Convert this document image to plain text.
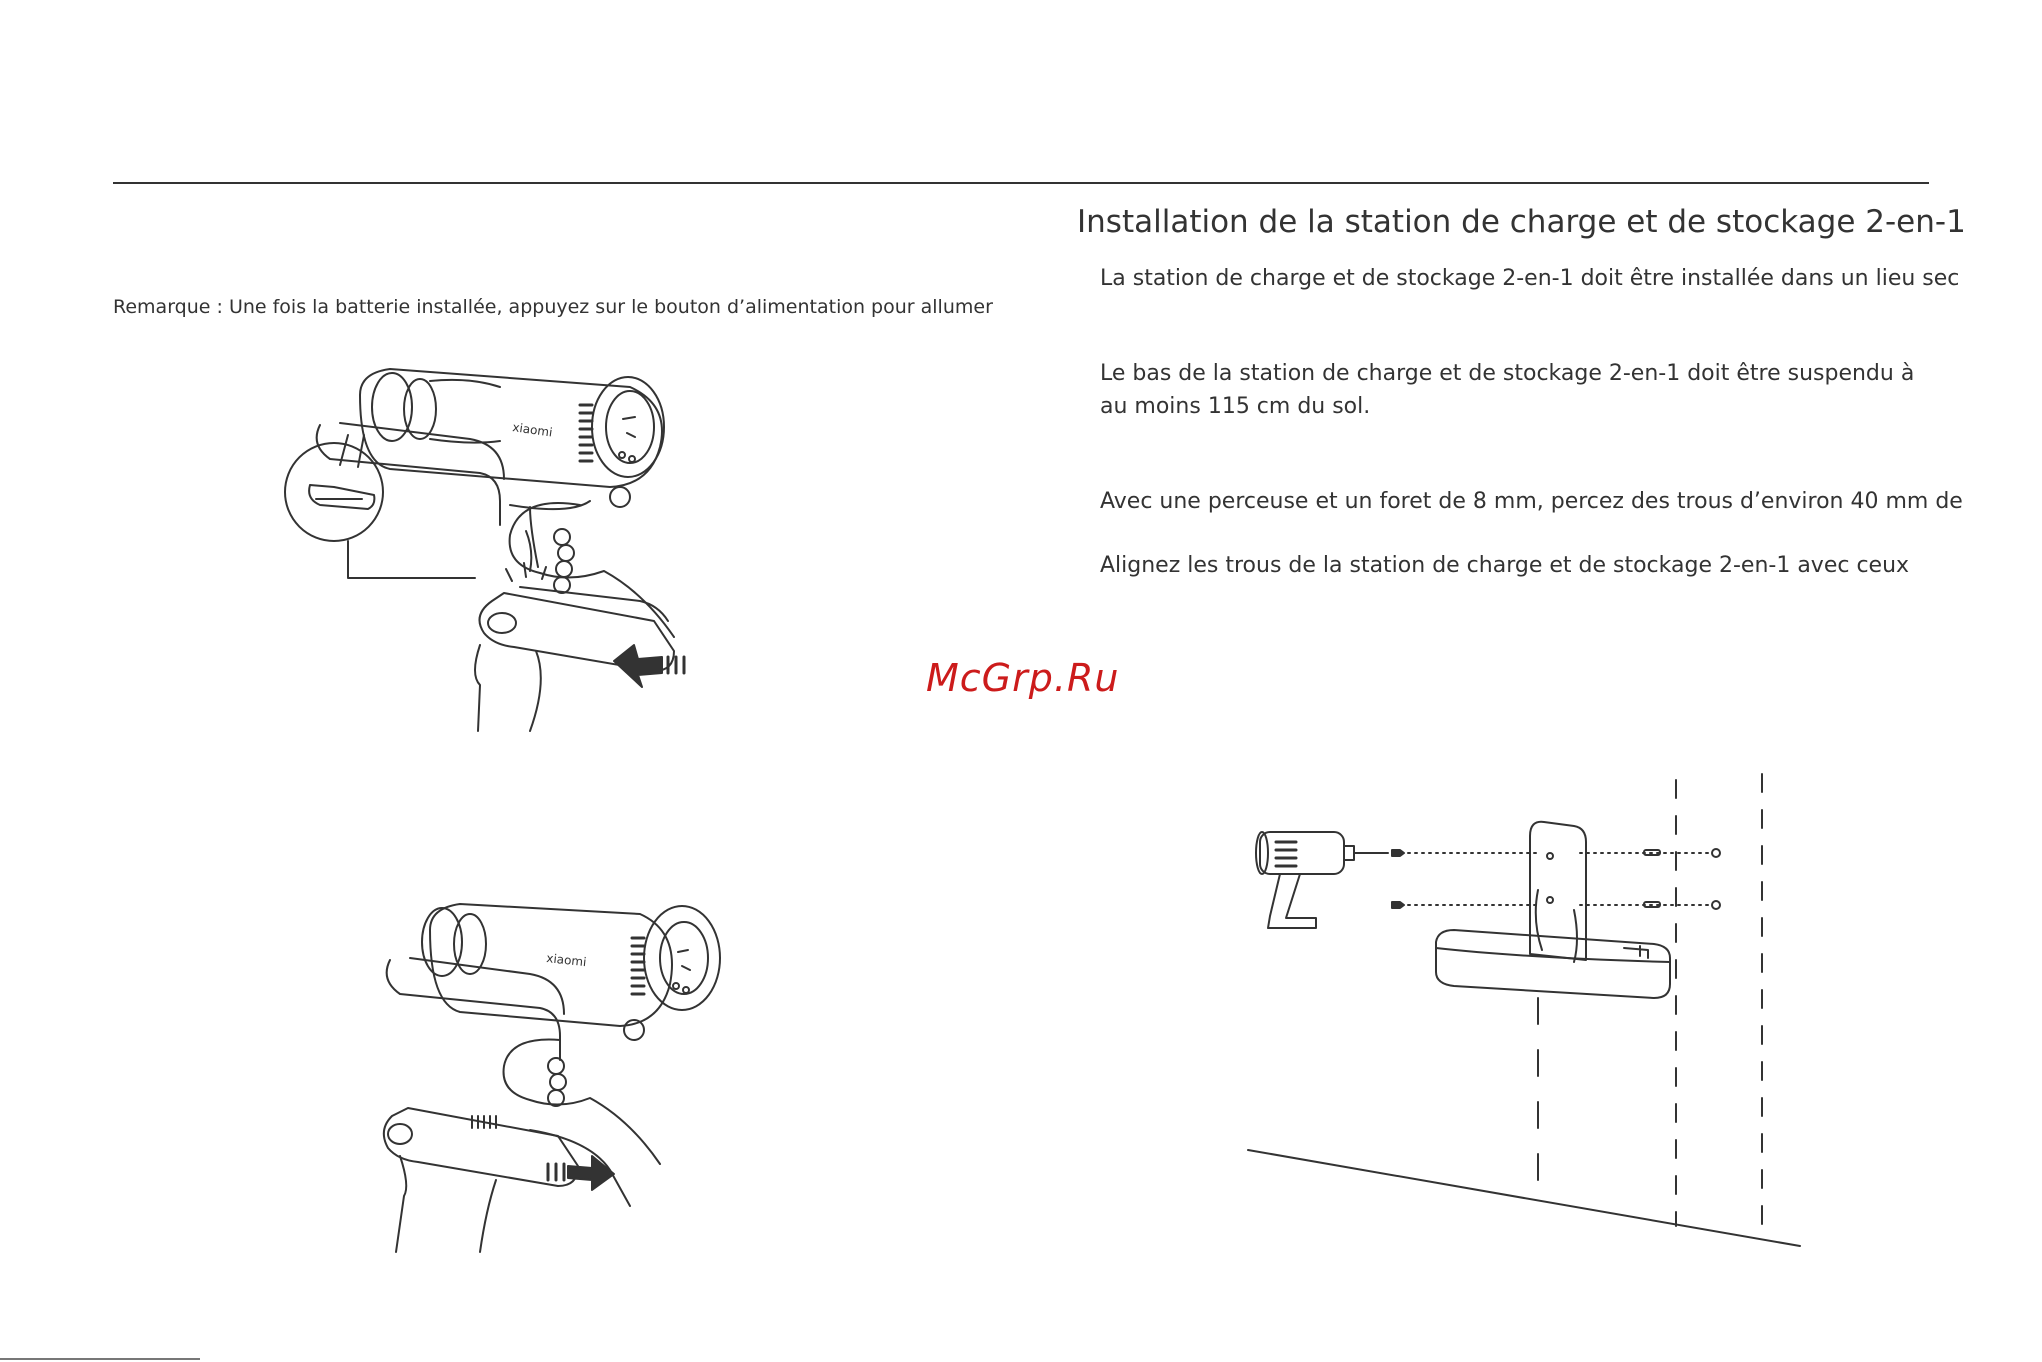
Remarque : Une fois la batterie installée, appuyez sur le bouton d’alimentation pour allumer
Installation de la station de charge et de stockage 2-en-1
La station de charge et de stockage 2-en-1 doit être installée dans un lieu sec
Le bas de la station de charge et de stockage 2-en-1 doit être suspendu à au moins 115 cm du sol.
Avec une perceuse et un foret de 8 mm, percez des trous d’environ 40 mm de
Alignez les trous de la station de charge et de stockage 2-en-1 avec ceux
xiaomi
xiaomi
McGrp.Ru
